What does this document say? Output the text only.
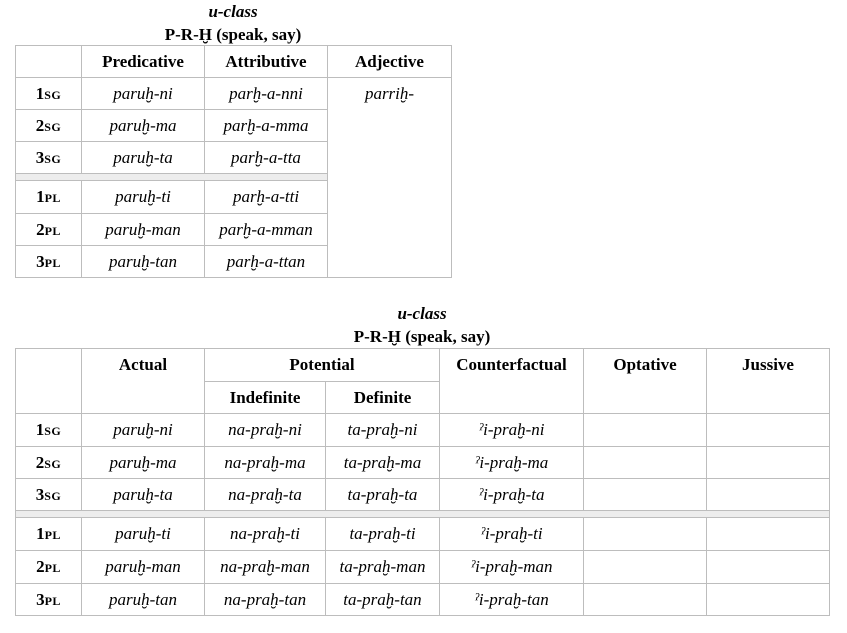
u-class
P-R-Ḫ (speak, say)
	Predicative	Attributive	Adjective
1SG	paruḫ-ni	parḫ-a-nni	parriḫ-
2SG	paruḫ-ma	parḫ-a-mma	
3SG	paruḫ-ta	parḫ-a-tta	

1PL	paruḫ-ti	parḫ-a-tti	
2PL	paruḫ-man	parḫ-a-mman	
3PL	paruḫ-tan	parḫ-a-ttan	
u-class
P-R-Ḫ (speak, say)
	Actual	Potential		Counterfactual	Optative	Jussive
		Indefinite	Definite			
1SG	paruḫ-ni	na-praḫ-ni	ta-praḫ-ni	ˀi-praḫ-ni		
2SG	paruḫ-ma	na-praḫ-ma	ta-praḫ-ma	ˀi-praḫ-ma		
3SG	paruḫ-ta	na-praḫ-ta	ta-praḫ-ta	ˀi-praḫ-ta		

1PL	paruḫ-ti	na-praḫ-ti	ta-praḫ-ti	ˀi-praḫ-ti		
2PL	paruḫ-man	na-praḫ-man	ta-praḫ-man	ˀi-praḫ-man		
3PL	paruḫ-tan	na-praḫ-tan	ta-praḫ-tan	ˀi-praḫ-tan		
